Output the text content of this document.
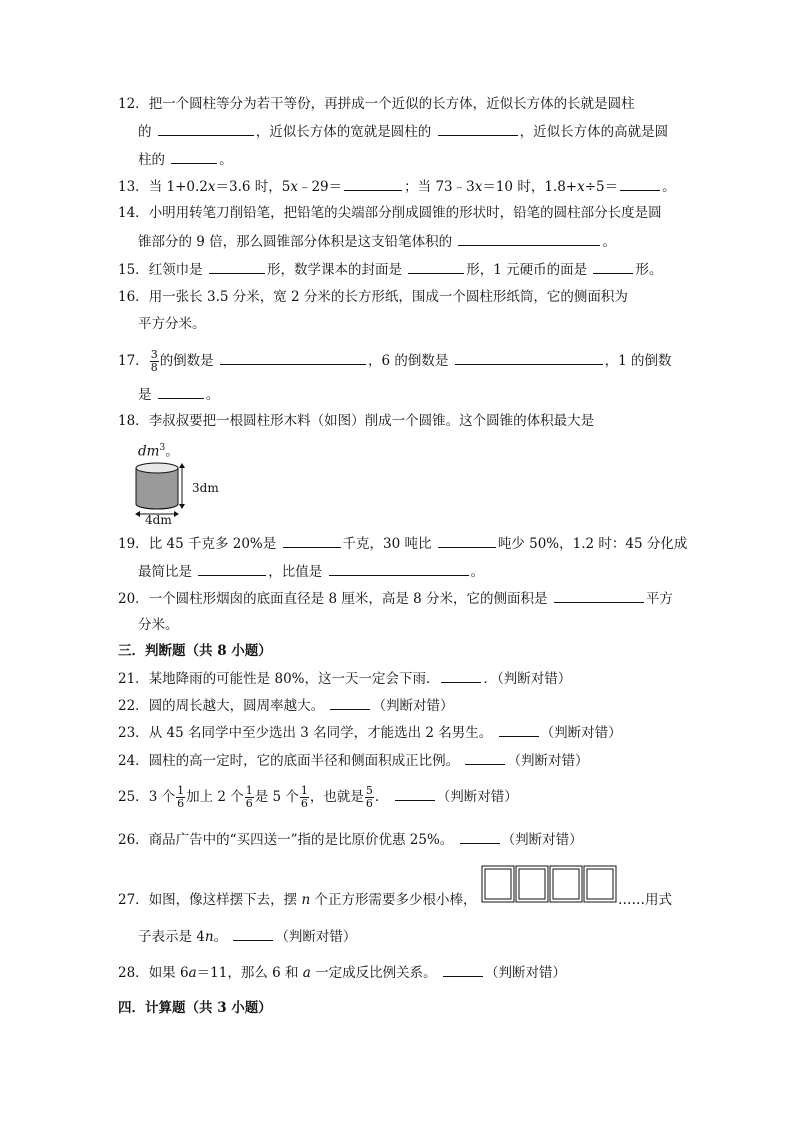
12．把一个圆柱等分为若干等份，再拼成一个近似的长方体，近似长方体的长就是圆柱
的	，近似长方体的宽就是圆柱的	，近似长方体的高就是圆
柱的	。
13．当 1+0.2x＝3.6 时，5x﹣29＝	；当 73﹣3x＝10 时，1.8+x÷5＝	。
14．小明用转笔刀削铅笔，把铅笔的尖端部分削成圆锥的形状时，铅笔的圆柱部分长度是圆
锥部分的 9 倍，那么圆锥部分体积是这支铅笔体积的	。
15．红领巾是	形，数学课本的封面是	形，1 元硬币的面是	形。
16．用一张长 3.5 分米，宽 2 分米的长方形纸，围成一个圆柱形纸筒，它的侧面积为
平方分米。
17． $\frac{3}{8}$ 的倒数是	，6 的倒数是	，1 的倒数
是	。
18．李叔叔要把一根圆柱形木料（如图）削成一个圆锥。这个圆锥的体积最大是
$dm^3$。
3dm
4dm
19．比 45 千克多 20%是	千克，30 吨比	吨少 50%，1.2 时：45 分化成
最简比是	，比值是	。
20．一个圆柱形烟囱的底面直径是 8 厘米，高是 8 分米，它的侧面积是	平方
分米。
三．判断题（共 8 小题）
21．某地降雨的可能性是 80%，这一天一定会下雨．	．（判断对错）
22．圆的周长越大，圆周率越大。	（判断对错）
23．从 45 名同学中至少选出 3 名同学，才能选出 2 名男生。	（判断对错）
24．圆柱的高一定时，它的底面半径和侧面积成正比例。	（判断对错）
25．3 个 $\frac{1}{6}$ 加上 2 个 $\frac{1}{6}$ 是 5 个 $\frac{1}{6}$ ，也就是 $\frac{5}{6}$ ．	（判断对错）
26．商品广告中的“买四送一”指的是比原价优惠 25%。	（判断对错）
27．如图，像这样摆下去，摆 n 个正方形需要多少根小棒，	……用式
子表示是 4n。	（判断对错）
28．如果 6a＝11，那么 6 和 a 一定成反比例关系。	（判断对错）
四．计算题（共 3 小题）
